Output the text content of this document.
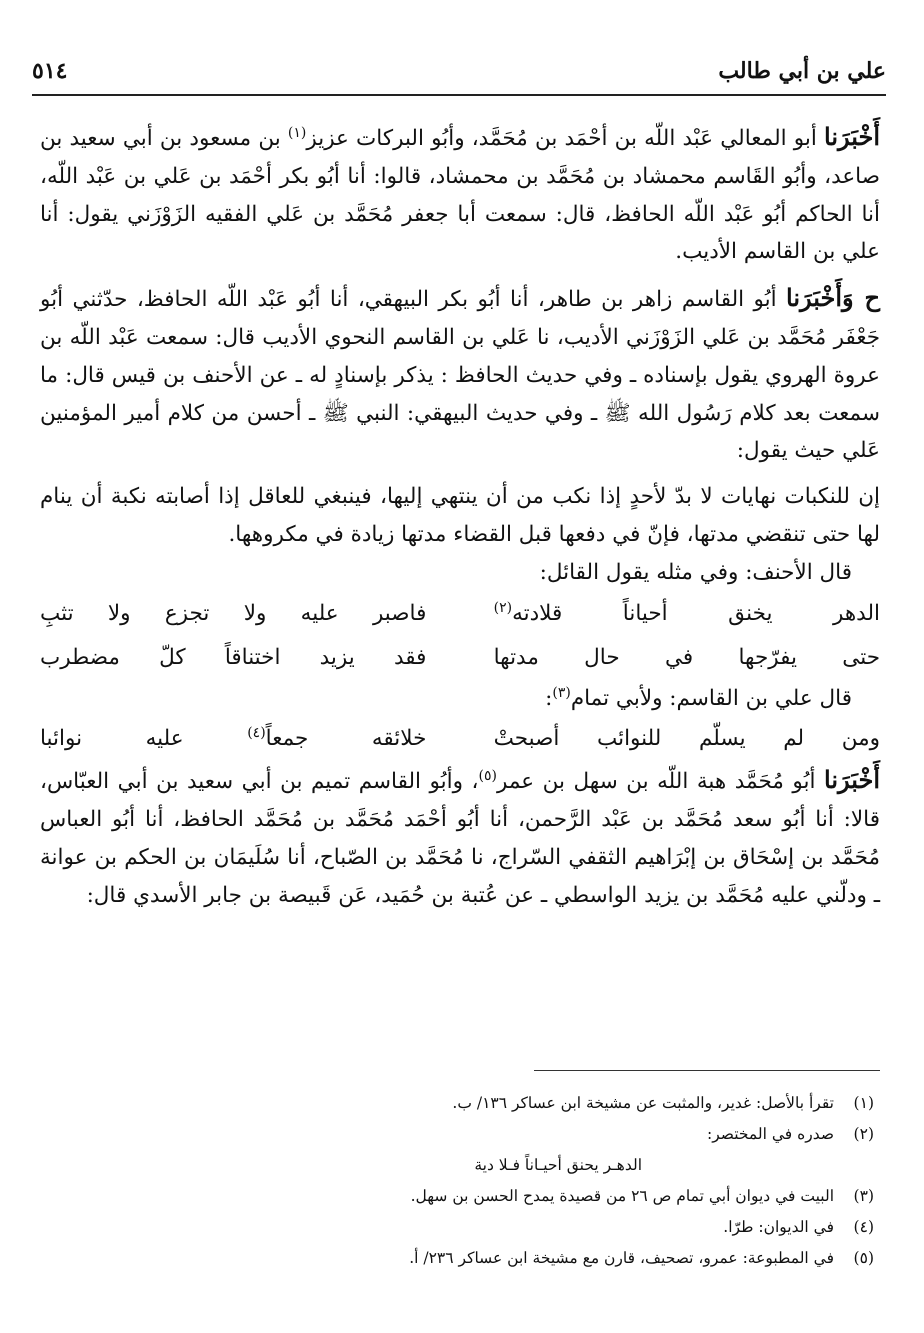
علي بن أبي طالب
٥١٤

أَخْبَرَنا أبو المعالي عَبْد اللّه بن أحْمَد بن مُحَمَّد، وأبُو البركات عزيز$^{(١)}$ بن مسعود بن أبي سعيد بن صاعد، وأبُو القَاسم محمشاد بن مُحَمَّد بن محمشاد، قالوا: أنا أبُو بكر أحْمَد بن عَلي بن عَبْد اللّه، أنا الحاكم أبُو عَبْد اللّه الحافظ، قال: سمعت أبا جعفر مُحَمَّد بن عَلي الفقيه الزَوْزَني يقول: أنا علي بن القاسم الأديب.

ح وَأَخْبَرَنا أبُو القاسم زاهر بن طاهر، أنا أبُو بكر البيهقي، أنا أبُو عَبْد اللّه الحافظ، حدّثني أبُو جَعْفَر مُحَمَّد بن عَلي الزَوْزَني الأديب، نا عَلي بن القاسم النحوي الأديب قال: سمعت عَبْد اللّه بن عروة الهروي يقول بإسناده ـ وفي حديث الحافظ : يذكر بإسنادٍ له ـ عن الأحنف بن قيس قال: ما سمعت بعد كلام رَسُول الله ﷺ ـ وفي حديث البيهقي: النبي ﷺ ـ أحسن من كلام أمير المؤمنين عَلي حيث يقول:

إن للنكبات نهايات لا بدّ لأحدٍ إذا نكب من أن ينتهي إليها، فينبغي للعاقل إذا أصابته نكبة أن ينام لها حتى تنقضي مدتها، فإنّ في دفعها قبل القضاء مدتها زيادة في مكروهها.

قال الأحنف: وفي مثله يقول القائل:

الدهر يخنق أحياناً قلادته$^{(٢)}$
فاصبر عليه ولا تجزع ولا تثبِ
حتى يفرّجها في حال مدتها
فقد يزيد اختناقاً كلّ مضطرب

قال علي بن القاسم: ولأبي تمام$^{(٣)}$:

ومن لم يسلّم للنوائب أصبحتْ
خلائقه جمعاً$^{(٤)}$ عليه نوائبا

أَخْبَرَنا أبُو مُحَمَّد هبة اللّه بن سهل بن عمر$^{(٥)}$، وأبُو القاسم تميم بن أبي سعيد بن أبي العبّاس، قالا: أنا أبُو سعد مُحَمَّد بن عَبْد الرَّحمن، أنا أبُو أحْمَد مُحَمَّد بن مُحَمَّد الحافظ، أنا أبُو العباس مُحَمَّد بن إسْحَاق بن إبْرَاهيم الثقفي السّراج، نا مُحَمَّد بن الصّباح، أنا سُلَيمَان بن الحكم بن عوانة ـ ودلّني عليه مُحَمَّد بن يزيد الواسطي ـ عن عُتبة بن حُمَيد، عَن قَبيصة بن جابر الأسدي قال:

(١)
تقرأ بالأصل: غدير، والمثبت عن مشيخة ابن عساكر ١٣٦/ ب.
(٢)
صدره في المختصر:
الدهـر يحنق أحيـاناً فـلا دية
(٣)
البيت في ديوان أبي تمام ص ٢٦ من قصيدة يمدح الحسن بن سهل.
(٤)
في الديوان: طرّا.
(٥)
في المطبوعة: عمرو، تصحيف، قارن مع مشيخة ابن عساكر ٢٣٦/ أ.
